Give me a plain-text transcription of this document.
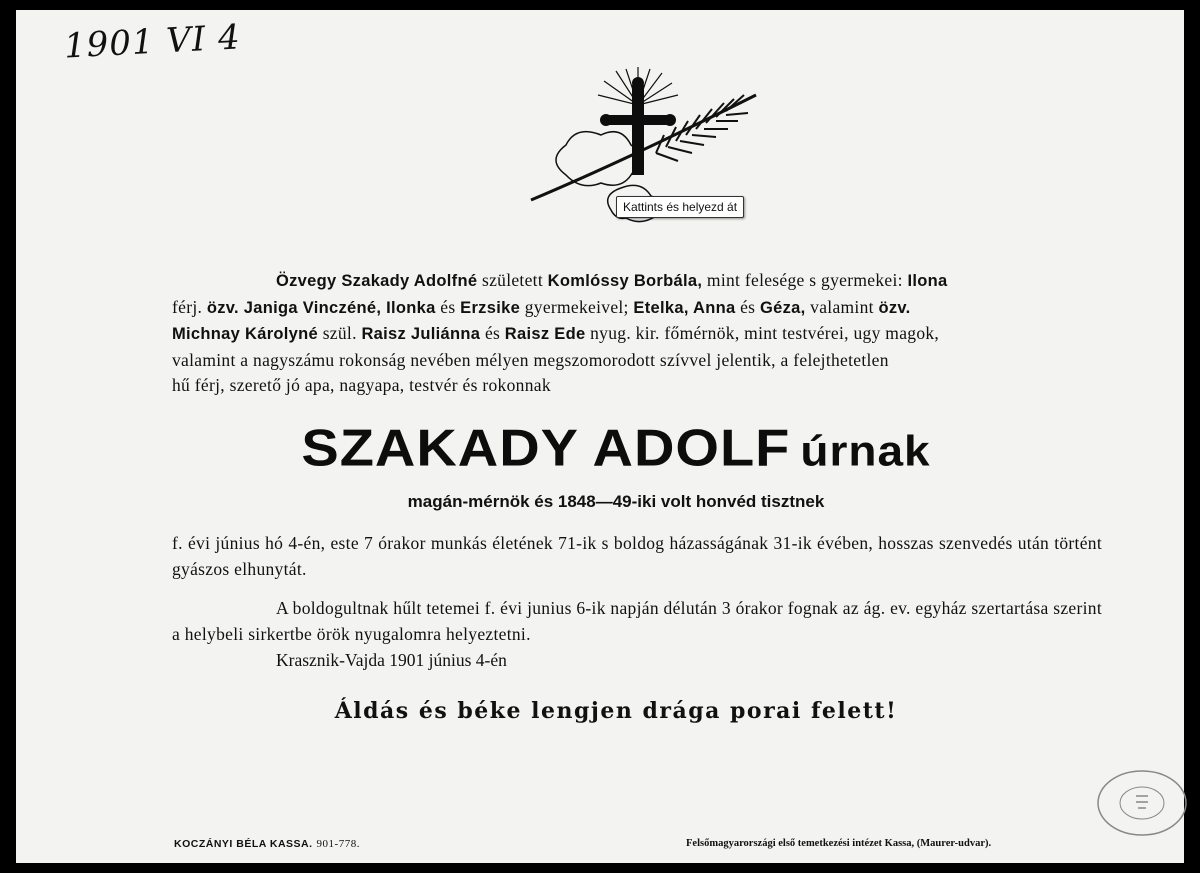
1901 VI 4
Kattints és helyezd át
Özvegy Szakady Adolfné született Komlóssy Borbála, mint felesége s gyermekei: Ilona
férj. özv. Janiga Vinczéné, Ilonka és Erzsike gyermekeivel; Etelka, Anna és Géza, valamint özv.
Michnay Károlyné szül. Raisz Juliánna és Raisz Ede nyug. kir. főmérnök, mint testvérei, ugy magok,
valamint a nagyszámu rokonság nevében mélyen megszomorodott szívvel jelentik, a felejthetetlen
hű férj, szerető jó apa, nagyapa, testvér és rokonnak
SZAKADY ADOLF úrnak
magán-mérnök és 1848—49-iki volt honvéd tisztnek
f. évi június hó 4-én, este 7 órakor munkás életének 71-ik s boldog házasságának 31-ik évében, hosszas szenvedés után történt gyászos elhunytát.
A boldogultnak hűlt tetemei f. évi junius 6-ik napján délután 3 órakor fognak az ág. ev. egyház szertartása szerint a helybeli sirkertbe örök nyugalomra helyeztetni.
Krasznik-Vajda 1901 június 4-én
Áldás és béke lengjen drága porai felett!
KOCZÁNYI BÉLA KASSA. 901-778.	Felsőmagyarországi első temetkezési intézet Kassa, (Maurer-udvar).
